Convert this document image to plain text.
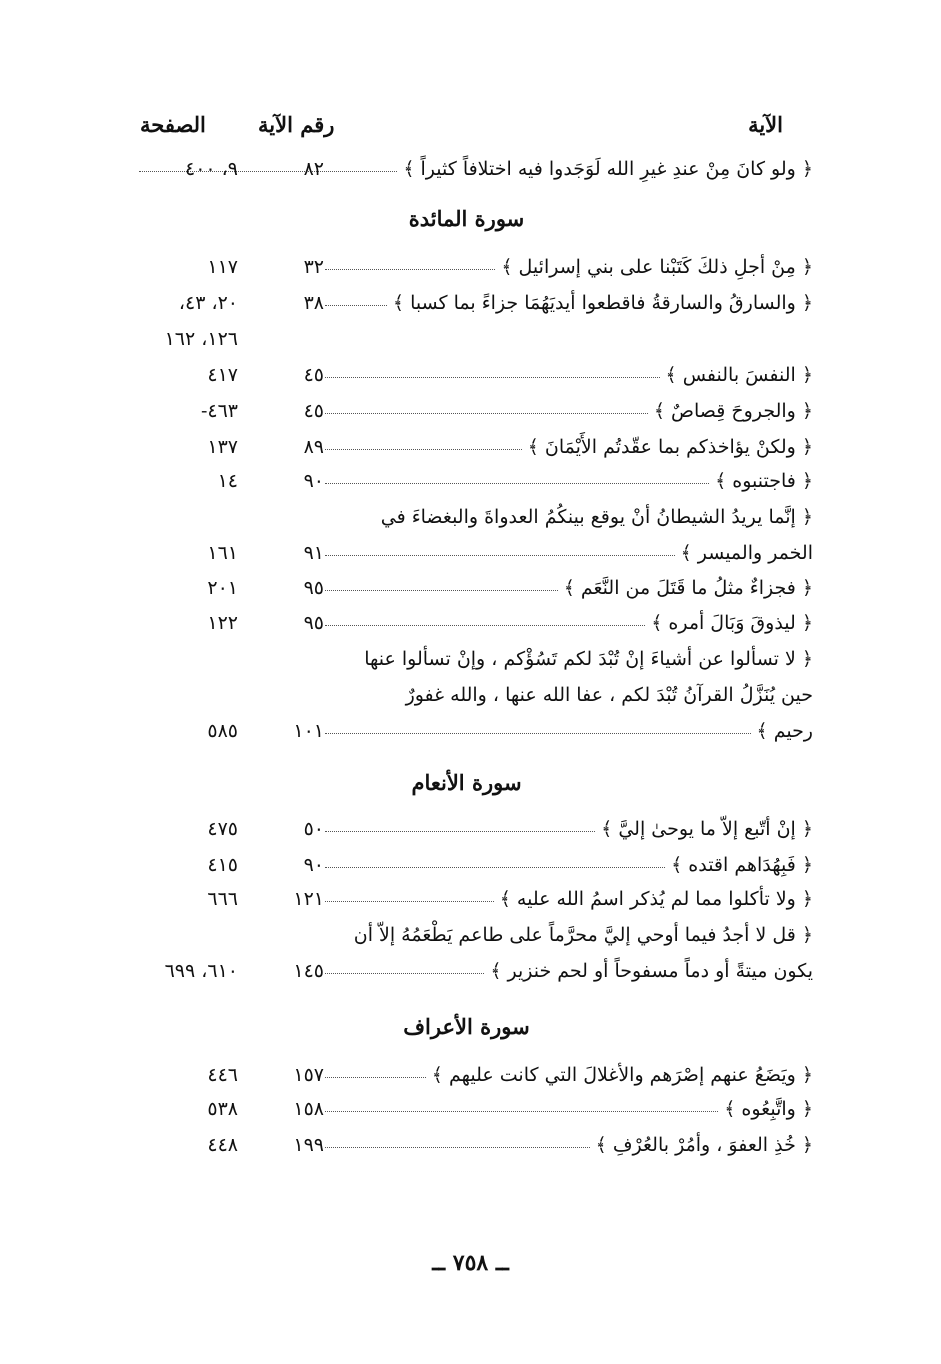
الآية
رقم الآية
الصفحة
﴿ ولو كانَ مِنْ عندِ غيرِ الله لَوَجَدوا فيه اختلافاً كثيراً ﴾
٨٢
٩، ٤٠٠
سورة المائدة
﴿ مِنْ أجلِ ذلكَ كَتَبْنا على بني إسرائيل ﴾
٣٢
١١٧
﴿ والسارقُ والسارقةُ فاقطعوا أيديَهُمَا جزاءً بما كسبا ﴾
٣٨
٢٠، ٤٣،
١٢٦، ١٦٢
﴿ النفسَ بالنفس ﴾
٤٥
٤١٧
﴿ والجروحَ قِصاصٌ ﴾
٤٥
٤٦٣-
﴿ ولكنْ يؤاخذكم بما عقّدتُم الأَيْمَانَ ﴾
٨٩
١٣٧
﴿ فاجتنبوه ﴾
٩٠
١٤
﴿ إنَّما يريدُ الشيطانُ أنْ يوقع بينكُمُ العدواةَ والبغضاءَ في
الخمر والميسر ﴾
٩١
١٦١
﴿ فجزاءٌ مثلُ ما قَتَلَ من النَّعَم ﴾
٩٥
٢٠١
﴿ ليذوقَ وَبَالَ أمره ﴾
٩٥
١٢٢
﴿ لا تسألوا عن أشياءَ إنْ تُبْدَ لكم تَسُؤْكم ، وإنْ تسألوا عنها
حين يُنَزَّلُ القرآنُ تُبْدَ لكم ، عفا الله عنها ، والله غفورٌ
رحيم ﴾
١٠١
٥٨٥
سورة الأنعام
﴿ إنْ أتّبع إلاّ ما يوحىٰ إليَّ ﴾
٥٠
٤٧٥
﴿ فَبِهُدَاهم اقتده ﴾
٩٠
٤١٥
﴿ ولا تأكلوا مما لم يُذكر اسمُ الله عليه ﴾
١٢١
٦٦٦
﴿ قل لا أجدُ فيما أوحي إليَّ محرَّماً على طاعم يَطْعَمُهُ إلاّ أن
يكون ميتةً أو دماً مسفوحاً أو لحم خنزير ﴾
١٤٥
٦١٠، ٦٩٩
سورة الأعراف
﴿ ويَضَعُ عنهم إصْرَهم والأغلالَ التي كانت عليهم ﴾
١٥٧
٤٤٦
﴿ واتَّبِعُوه ﴾
١٥٨
٥٣٨
﴿ خُذِ العفوَ ، وأمُرْ بالعُرْفِ ﴾
١٩٩
٤٤٨
ــ ٧٥٨ ــ
